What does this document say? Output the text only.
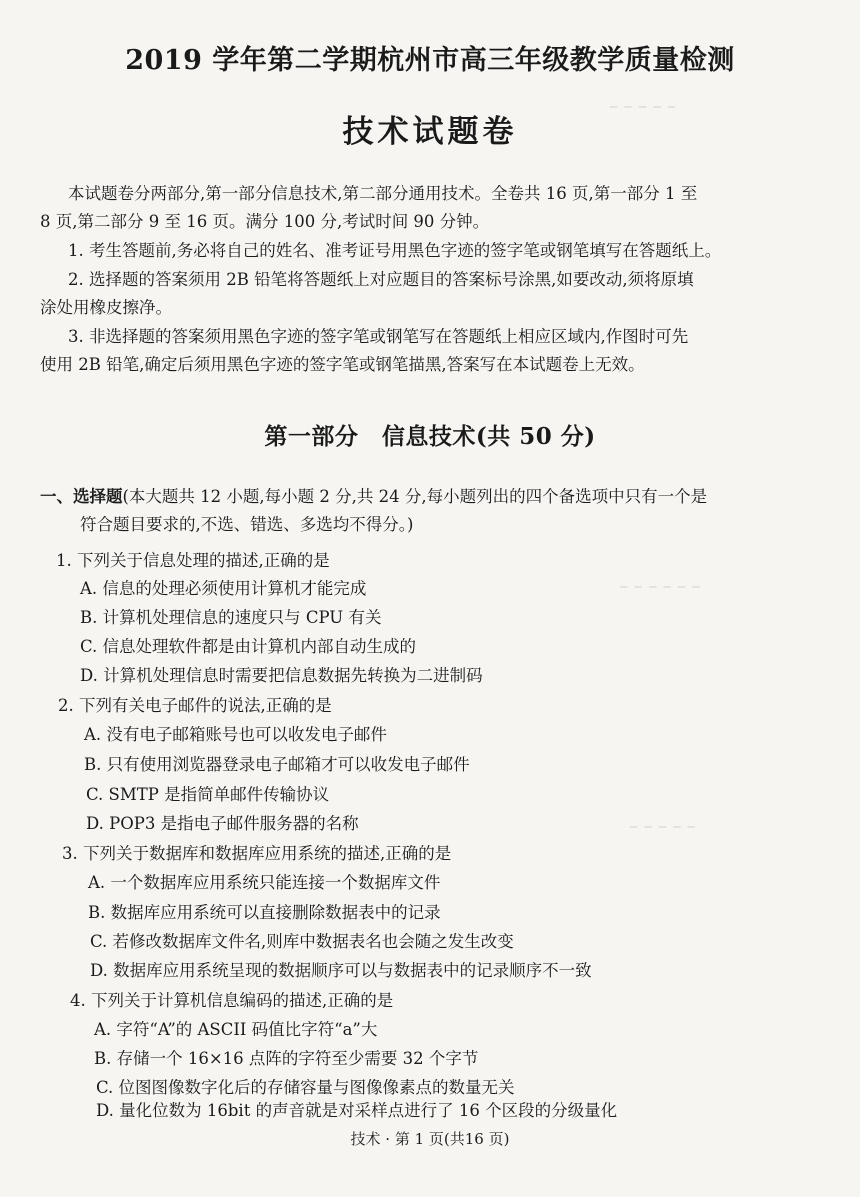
─ ─ ─ ─ ─
─ ─ ─ ─ ─ ─
─ ─ ─ ─ ─
2019 学年第二学期杭州市高三年级教学质量检测
技术试题卷
本试题卷分两部分,第一部分信息技术,第二部分通用技术。全卷共 16 页,第一部分 1 至
8 页,第二部分 9 至 16 页。满分 100 分,考试时间 90 分钟。
1. 考生答题前,务必将自己的姓名、准考证号用黑色字迹的签字笔或钢笔填写在答题纸上。
2. 选择题的答案须用 2B 铅笔将答题纸上对应题目的答案标号涂黑,如要改动,须将原填
涂处用橡皮擦净。
3. 非选择题的答案须用黑色字迹的签字笔或钢笔写在答题纸上相应区域内,作图时可先
使用 2B 铅笔,确定后须用黑色字迹的签字笔或钢笔描黑,答案写在本试题卷上无效。
第一部分　信息技术(共 50 分)
一、选择题(本大题共 12 小题,每小题 2 分,共 24 分,每小题列出的四个备选项中只有一个是
符合题目要求的,不选、错选、多选均不得分。)
1. 下列关于信息处理的描述,正确的是
A. 信息的处理必须使用计算机才能完成
B. 计算机处理信息的速度只与 CPU 有关
C. 信息处理软件都是由计算机内部自动生成的
D. 计算机处理信息时需要把信息数据先转换为二进制码
2. 下列有关电子邮件的说法,正确的是
A. 没有电子邮箱账号也可以收发电子邮件
B. 只有使用浏览器登录电子邮箱才可以收发电子邮件
C. SMTP 是指简单邮件传输协议
D. POP3 是指电子邮件服务器的名称
3. 下列关于数据库和数据库应用系统的描述,正确的是
A. 一个数据库应用系统只能连接一个数据库文件
B. 数据库应用系统可以直接删除数据表中的记录
C. 若修改数据库文件名,则库中数据表名也会随之发生改变
D. 数据库应用系统呈现的数据顺序可以与数据表中的记录顺序不一致
4. 下列关于计算机信息编码的描述,正确的是
A. 字符“A”的 ASCII 码值比字符“a”大
B. 存储一个 16×16 点阵的字符至少需要 32 个字节
C. 位图图像数字化后的存储容量与图像像素点的数量无关
D. 量化位数为 16bit 的声音就是对采样点进行了 16 个区段的分级量化
技术 · 第 1 页(共16 页)
